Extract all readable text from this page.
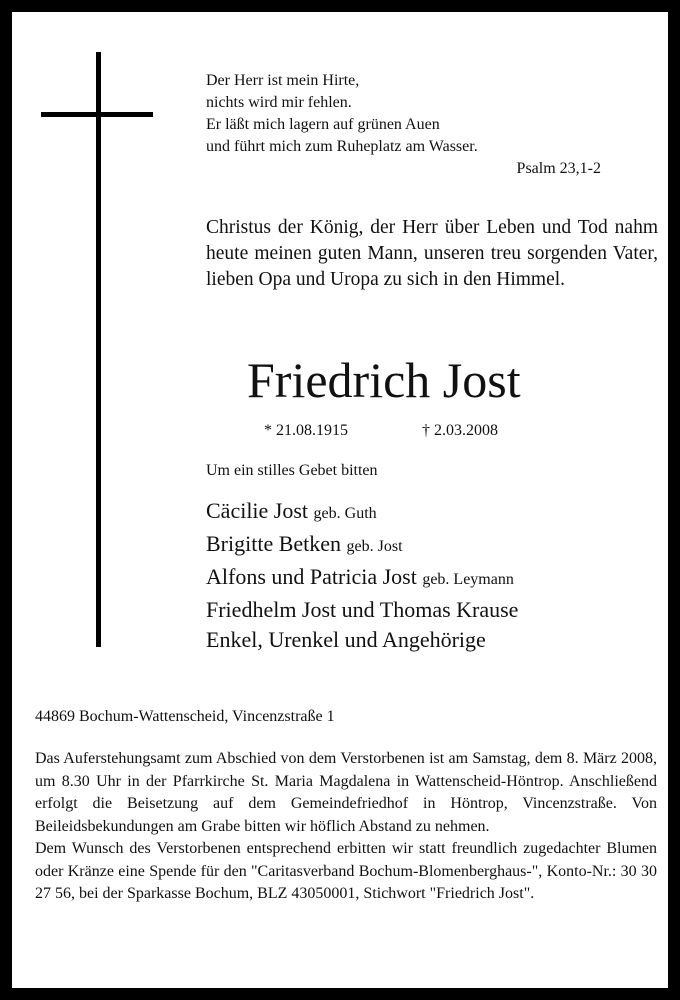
Der Herr ist mein Hirte,
nichts wird mir fehlen.
Er läßt mich lagern auf grünen Auen
und führt mich zum Ruheplatz am Wasser.
Psalm 23,1-2
Christus der König, der Herr über Leben und Tod nahm heute meinen guten Mann, unseren treu sorgenden Vater, lieben Opa und Uropa zu sich in den Himmel.
Friedrich Jost
* 21.08.1915	† 2.03.2008
Um ein stilles Gebet bitten
Cäcilie Jost geb. Guth
Brigitte Betken geb. Jost
Alfons und Patricia Jost geb. Leymann
Friedhelm Jost und Thomas Krause
Enkel, Urenkel und Angehörige
44869 Bochum-Wattenscheid, Vincenzstraße 1

Das Auferstehungsamt zum Abschied von dem Verstorbenen ist am Samstag, dem 8. März 2008, um 8.30 Uhr in der Pfarrkirche St. Maria Magdalena in Wattenscheid-Höntrop. Anschließend erfolgt die Beisetzung auf dem Gemeindefriedhof in Höntrop, Vincenzstraße. Von Beileidsbekundungen am Grabe bitten wir höflich Abstand zu nehmen.

Dem Wunsch des Verstorbenen entsprechend erbitten wir statt freundlich zugedachter Blumen oder Kränze eine Spende für den "Caritasverband Bochum-Blomenberghaus-", Konto-Nr.: 30 30 27 56, bei der Sparkasse Bochum, BLZ 43050001, Stichwort "Friedrich Jost".
